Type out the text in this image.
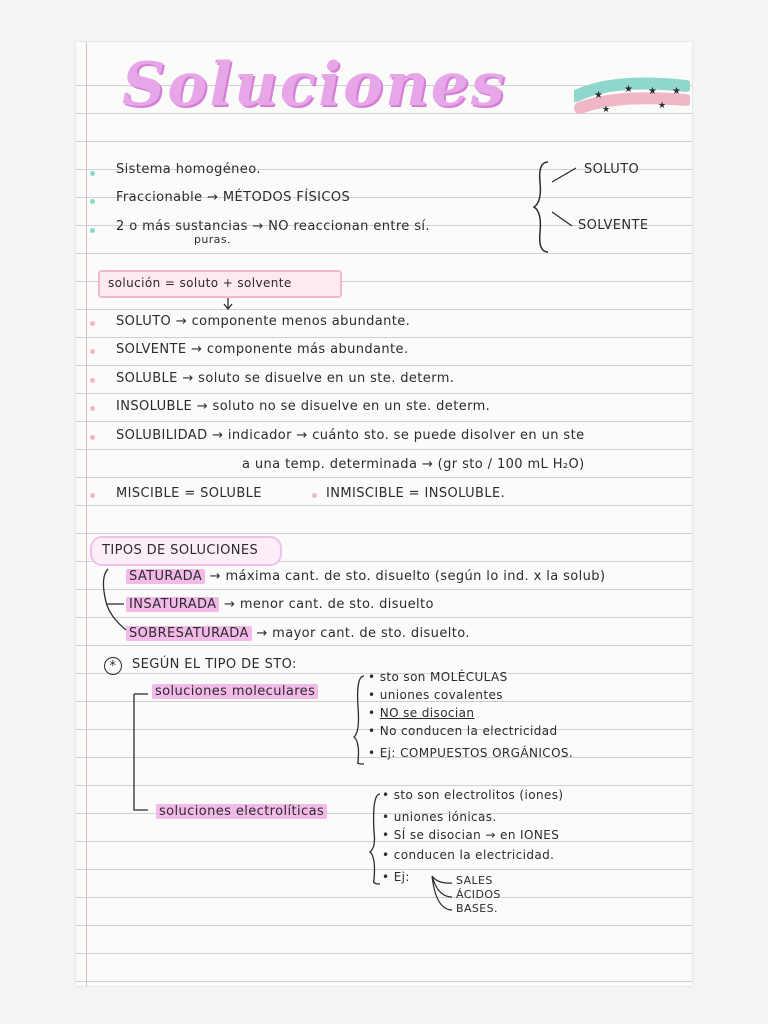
Soluciones	★
★ ★ ★
★	★
Sistema homogéneo.
Fraccionable → MÉTODOS FÍSICOS
2 o más sustancias → NO reaccionan entre sí.
puras.
SOLUTO
SOLVENTE
solución = soluto + solvente
SOLUTO → componente menos abundante.
SOLVENTE → componente más abundante.
SOLUBLE → soluto se disuelve en un ste. determ.
INSOLUBLE → soluto no se disuelve en un ste. determ.
SOLUBILIDAD → indicador → cuánto sto. se puede disolver en un ste
a una temp. determinada → (gr sto / 100 mL H₂O)
MISCIBLE = SOLUBLE	INMISCIBLE = INSOLUBLE.
TIPOS DE SOLUCIONES
SATURADA → máxima cant. de sto. disuelto (según lo ind. x la solub)
INSATURADA → menor cant. de sto. disuelto
SOBRESATURADA → mayor cant. de sto. disuelto.
*	SEGÚN EL TIPO DE STO:
soluciones moleculares
• sto son MOLÉCULAS
• uniones covalentes
• NO se disocian
• No conducen la electricidad
• Ej: COMPUESTOS ORGÁNICOS.
soluciones electrolíticas
• sto son electrolitos (iones)
• uniones iónicas.
• SÍ se disocian → en IONES
• conducen la electricidad.
• Ej:	SALES
ÁCIDOS
BASES.
